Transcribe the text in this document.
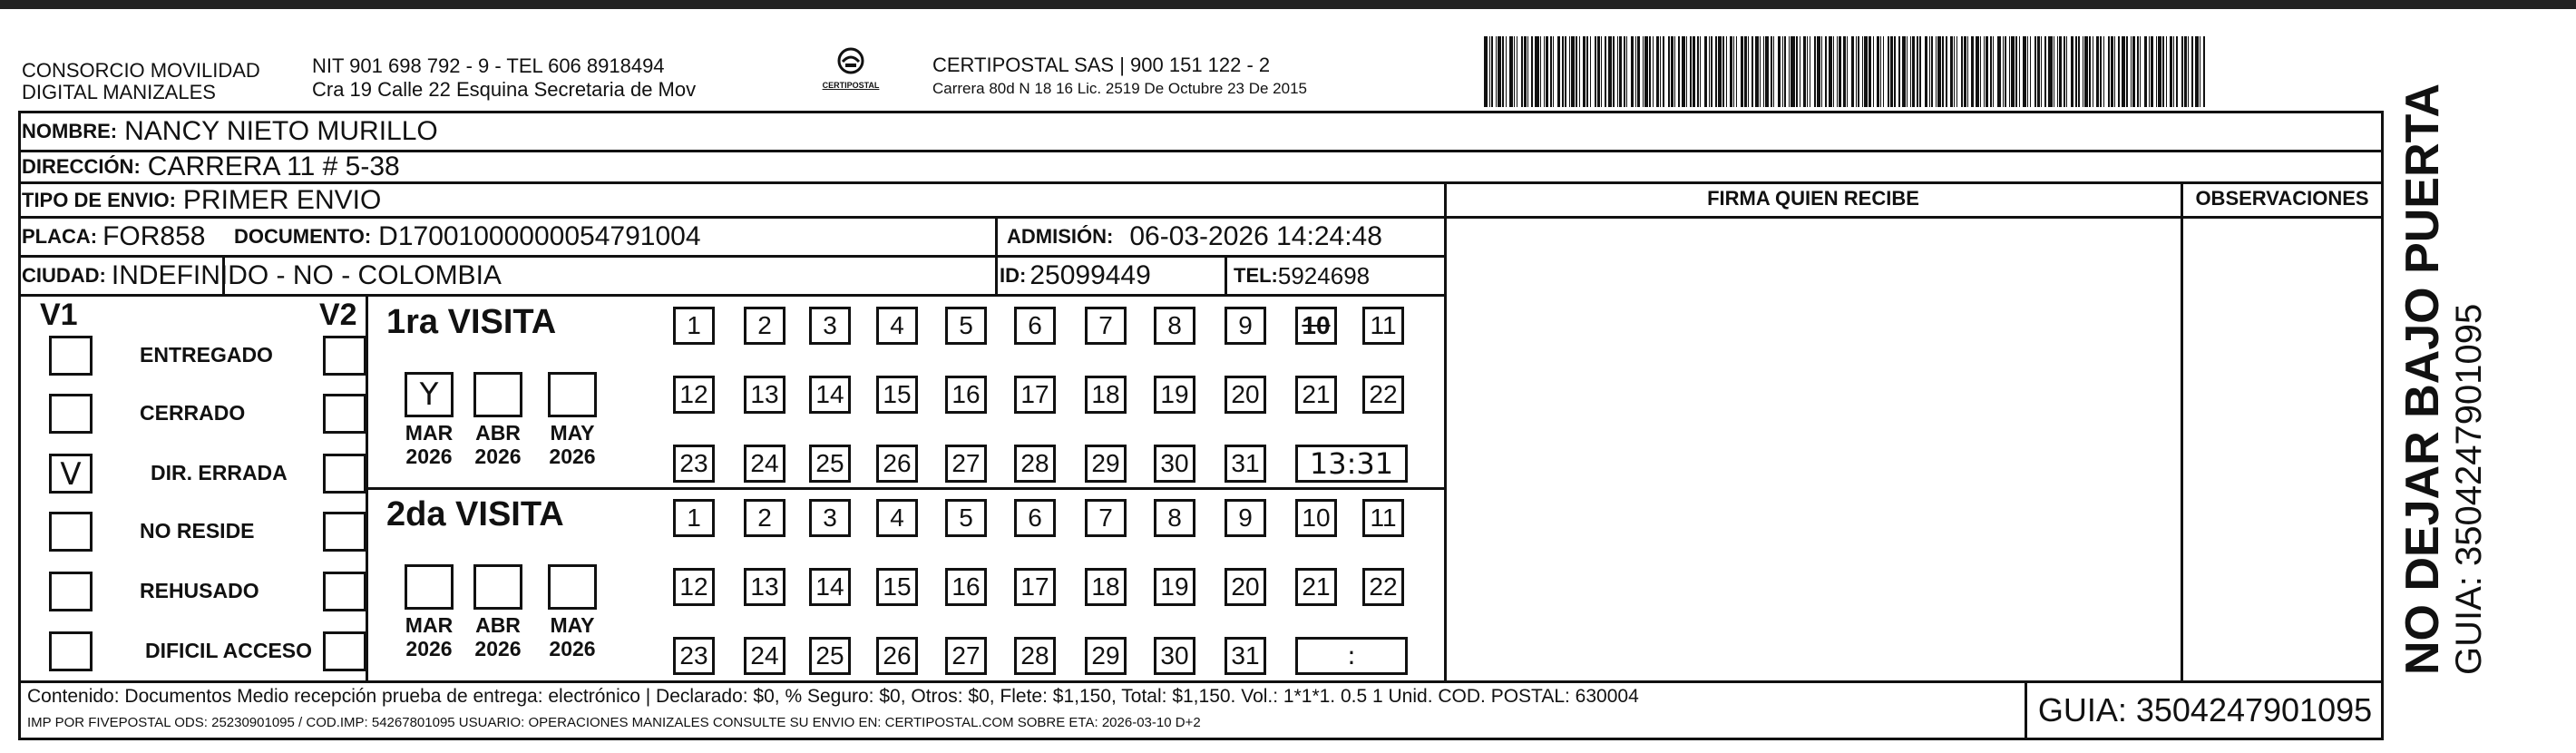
CONSORCIO MOVILIDAD
DIGITAL MANIZALES
NIT 901 698 792 - 9 - TEL 606 8918494
Cra 19 Calle 22 Esquina Secretaria de Mov	CERTIPOSTAL
CERTIPOSTAL SAS | 900 151 122 - 2
Carrera 80d N 18 16 Lic. 2519 De Octubre 23 De 2015
NOMBRE: NANCY NIETO MURILLO
DIRECCIÓN: CARRERA 11 # 5-38
TIPO DE ENVIO: PRIMER ENVIO
PLACA: FOR858 DOCUMENTO: D17001000000054791004	ADMISIÓN: 06-03-2026 14:24:48
CIUDAD: INDEFINIDO - NO - COLOMBIA	ID: 25099449	TEL: 5924698
FIRMA QUIEN RECIBE	OBSERVACIONES
V1	V2
ENTREGADO
CERRADO
V	DIR. ERRADA
NO RESIDE
REHUSADO
DIFICIL ACCESO
1ra VISITA
Y
MAR
2026
ABR
2026
MAY
2026
1	2	3	4	5	6	7	8	9	10	11
12 13 14 15 16 17 18 19 20 21 22
23 24 25 26 27 28 29 30 31	13:31
2da VISITA
MAR
2026
ABR
2026
MAY
2026
1	2	3	4	5	6	7	8	9	10	11
12 13 14 15 16 17 18 19 20 21 22
23 24 25 26 27 28 29 30 31	:
Contenido: Documentos Medio recepción prueba de entrega: electrónico | Declarado: $0, % Seguro: $0, Otros: $0, Flete: $1,150, Total: $1,150. Vol.: 1*1*1. 0.5 1 Unid. COD. POSTAL: 630004
IMP POR FIVEPOSTAL ODS: 25230901095 / COD.IMP: 54267801095 USUARIO: OPERACIONES MANIZALES CONSULTE SU ENVIO EN: CERTIPOSTAL.COM SOBRE ETA: 2026-03-10 D+2	GUIA: 3504247901095
NO DEJAR BAJO PUERTA GUIA: 3504247901095
